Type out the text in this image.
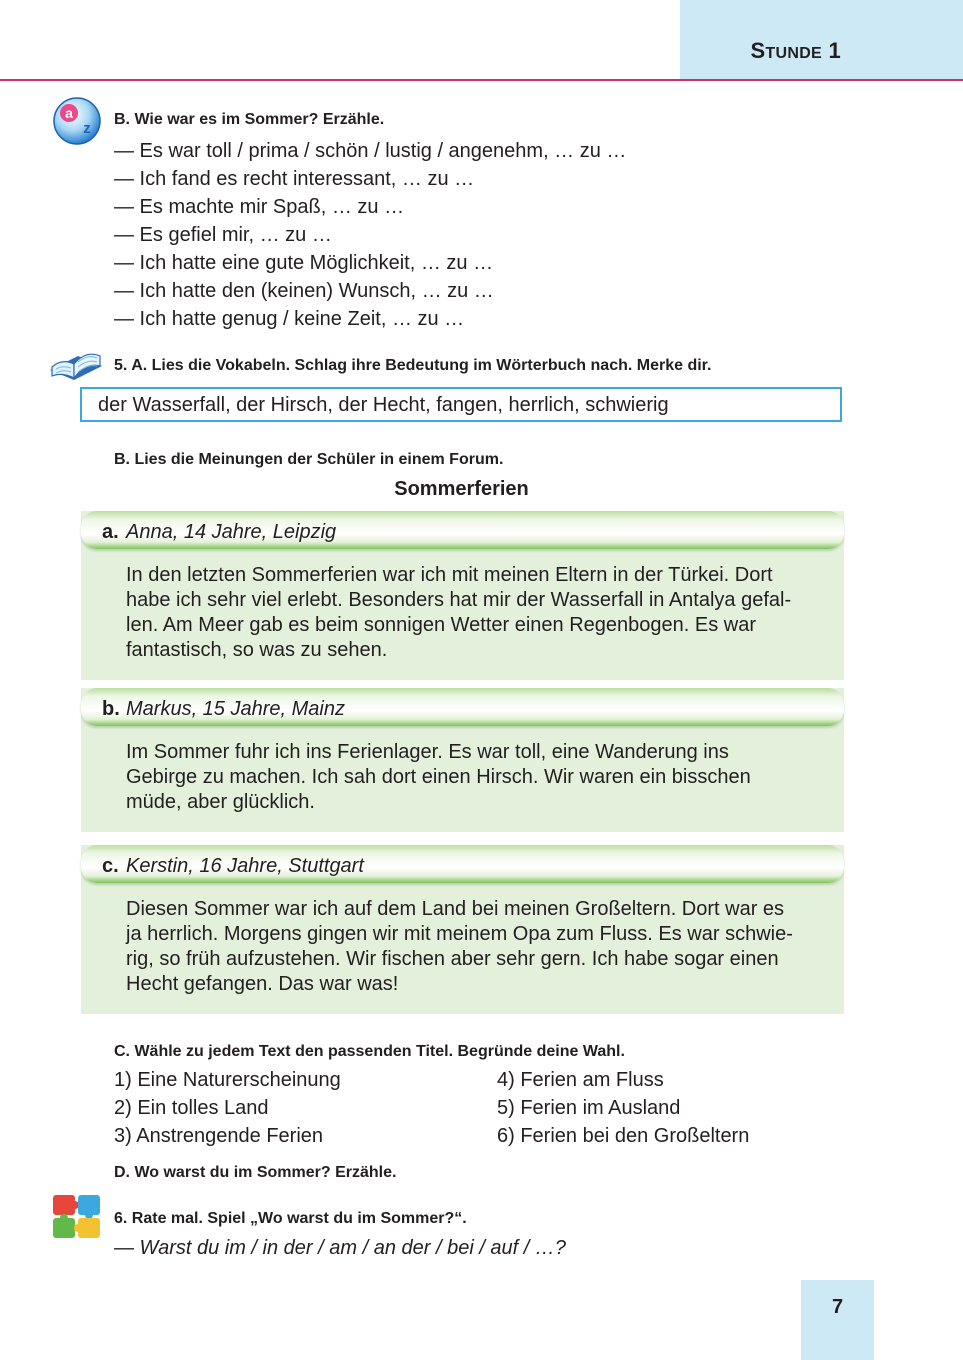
STUNDE 1
a
z
B. Wie war es im Sommer? Erzähle.
— Es war toll / prima / schön / lustig / angenehm, … zu …
— Ich fand es recht interessant, … zu …
— Es machte mir Spaß, … zu …
— Es gefiel mir, … zu …
— Ich hatte eine gute Möglichkeit, … zu …
— Ich hatte den (keinen) Wunsch, … zu …
— Ich hatte genug / keine Zeit, … zu …
5. A. Lies die Vokabeln. Schlag ihre Bedeutung im Wörterbuch nach. Merke dir.
der Wasserfall, der Hirsch, der Hecht, fangen, herrlich, schwierig
B. Lies die Meinungen der Schüler in einem Forum.
Sommerferien
a. Anna, 14 Jahre, Leipzig
In den letzten Sommerferien war ich mit meinen Eltern in der Türkei. Dort
habe ich sehr viel erlebt. Besonders hat mir der Wasserfall in Antalya gefal-
len. Am Meer gab es beim sonnigen Wetter einen Regenbogen. Es war
fantastisch, so was zu sehen.
b. Markus, 15 Jahre, Mainz
Im Sommer fuhr ich ins Ferienlager. Es war toll, eine Wanderung ins
Gebirge zu machen. Ich sah dort einen Hirsch. Wir waren ein bisschen
müde, aber glücklich.
c. Kerstin, 16 Jahre, Stuttgart
Diesen Sommer war ich auf dem Land bei meinen Großeltern. Dort war es
ja herrlich. Morgens gingen wir mit meinem Opa zum Fluss. Es war schwie-
rig, so früh aufzustehen. Wir fischen aber sehr gern. Ich habe sogar einen
Hecht gefangen. Das war was!
C. Wähle zu jedem Text den passenden Titel. Begründe deine Wahl.
1) Eine Naturerscheinung
2) Ein tolles Land
3) Anstrengende Ferien
4) Ferien am Fluss
5) Ferien im Ausland
6) Ferien bei den Großeltern
D. Wo warst du im Sommer? Erzähle.
6. Rate mal. Spiel „Wo warst du im Sommer?“.
— Warst du im / in der / am / an der / bei / auf / …?
7
